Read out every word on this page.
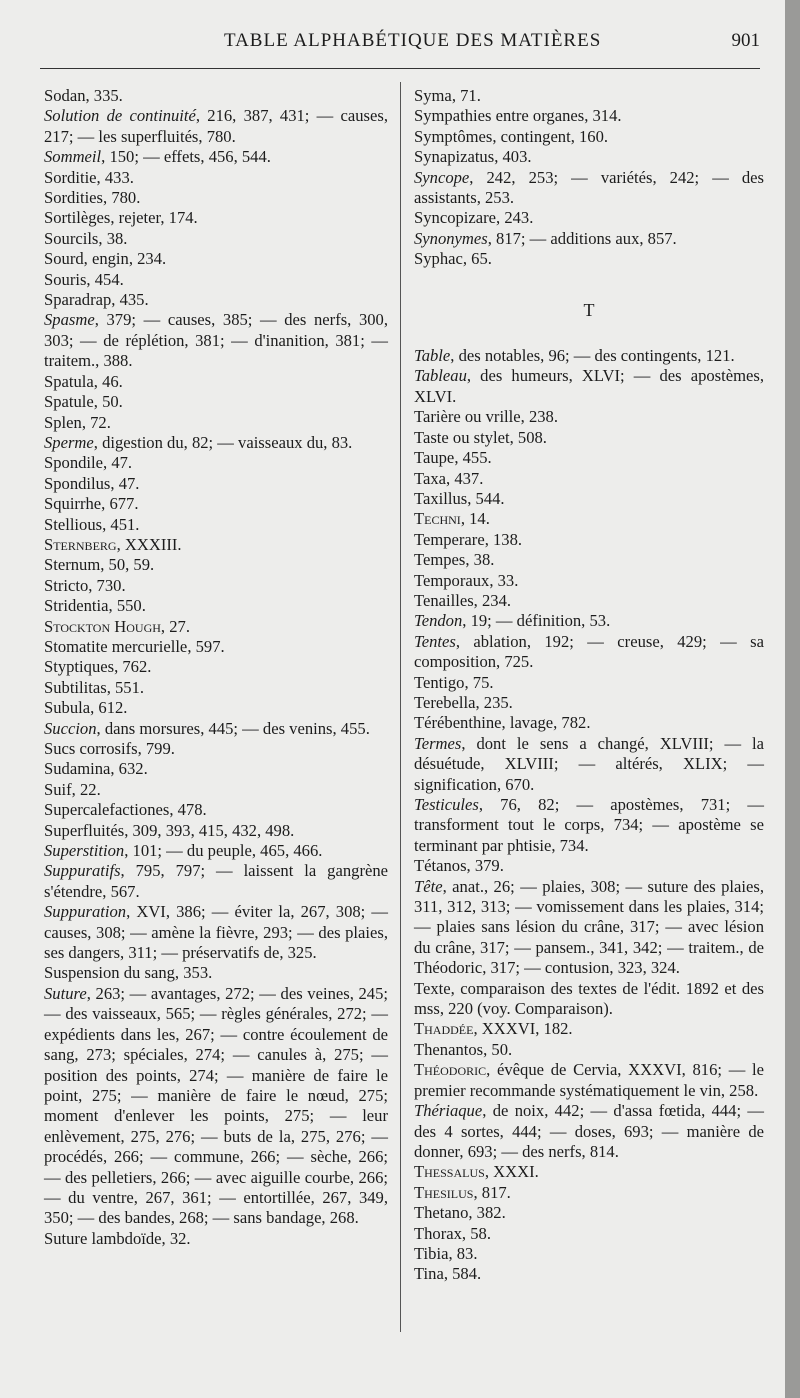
TABLE ALPHABÉTIQUE DES MATIÈRES	901

Sodan, 335.

Solution de continuité, 216, 387, 431; — causes, 217; — les superfluités, 780.

Sommeil, 150; — effets, 456, 544.

Sorditie, 433.

Sordities, 780.

Sortilèges, rejeter, 174.

Sourcils, 38.

Sourd, engin, 234.

Souris, 454.

Sparadrap, 435.

Spasme, 379; — causes, 385; — des nerfs, 300, 303; — de réplétion, 381; — d'inanition, 381; — traitem., 388.

Spatula, 46.

Spatule, 50.

Splen, 72.

Sperme, digestion du, 82; — vaisseaux du, 83.

Spondile, 47.

Spondilus, 47.

Squirrhe, 677.

Stellious, 451.

Sternberg, XXXIII.

Sternum, 50, 59.

Stricto, 730.

Stridentia, 550.

Stockton Hough, 27.

Stomatite mercurielle, 597.

Styptiques, 762.

Subtilitas, 551.

Subula, 612.

Succion, dans morsures, 445; — des venins, 455.

Sucs corrosifs, 799.

Sudamina, 632.

Suif, 22.

Supercalefactiones, 478.

Superfluités, 309, 393, 415, 432, 498.

Superstition, 101; — du peuple, 465, 466.

Suppuratifs, 795, 797; — laissent la gangrène s'étendre, 567.

Suppuration, XVI, 386; — éviter la, 267, 308; — causes, 308; — amène la fièvre, 293; — des plaies, ses dangers, 311; — préservatifs de, 325.

Suspension du sang, 353.

Suture, 263; — avantages, 272; — des veines, 245; — des vaisseaux, 565; — règles générales, 272; — expédients dans les, 267; — contre écoulement de sang, 273; spéciales, 274; — canules à, 275; — position des points, 274; — manière de faire le point, 275; — manière de faire le nœud, 275; moment d'enlever les points, 275; — leur enlèvement, 275, 276; — buts de la, 275, 276; — procédés, 266; — commune, 266; — sèche, 266; — des pelletiers, 266; — avec aiguille courbe, 266; — du ventre, 267, 361; — entortillée, 267, 349, 350; — des bandes, 268; — sans bandage, 268.

Suture lambdoïde, 32.

Syma, 71.

Sympathies entre organes, 314.

Symptômes, contingent, 160.

Synapizatus, 403.

Syncope, 242, 253; — variétés, 242; — des assistants, 253.

Syncopizare, 243.

Synonymes, 817; — additions aux, 857.

Syphac, 65.

T

Table, des notables, 96; — des contingents, 121.

Tableau, des humeurs, XLVI; — des apostèmes, XLVI.

Tarière ou vrille, 238.

Taste ou stylet, 508.

Taupe, 455.

Taxa, 437.

Taxillus, 544.

Techni, 14.

Temperare, 138.

Tempes, 38.

Temporaux, 33.

Tenailles, 234.

Tendon, 19; — définition, 53.

Tentes, ablation, 192; — creuse, 429; — sa composition, 725.

Tentigo, 75.

Terebella, 235.

Térébenthine, lavage, 782.

Termes, dont le sens a changé, XLVIII; — la désuétude, XLVIII; — altérés, XLIX; — signification, 670.

Testicules, 76, 82; — apostèmes, 731; — transforment tout le corps, 734; — apostème se terminant par phtisie, 734.

Tétanos, 379.

Tête, anat., 26; — plaies, 308; — suture des plaies, 311, 312, 313; — vomissement dans les plaies, 314; — plaies sans lésion du crâne, 317; — avec lésion du crâne, 317; — pansem., 341, 342; — traitem., de Théodoric, 317; — contusion, 323, 324.

Texte, comparaison des textes de l'édit. 1892 et des mss, 220 (voy. Comparaison).

Thaddée, XXXVI, 182.

Thenantos, 50.

Théodoric, évêque de Cervia, XXXVI, 816; — le premier recommande systématiquement le vin, 258.

Thériaque, de noix, 442; — d'assa fœtida, 444; — des 4 sortes, 444; — doses, 693; — manière de donner, 693; — des nerfs, 814.

Thessalus, XXXI.

Thesilus, 817.

Thetano, 382.

Thorax, 58.

Tibia, 83.

Tina, 584.
